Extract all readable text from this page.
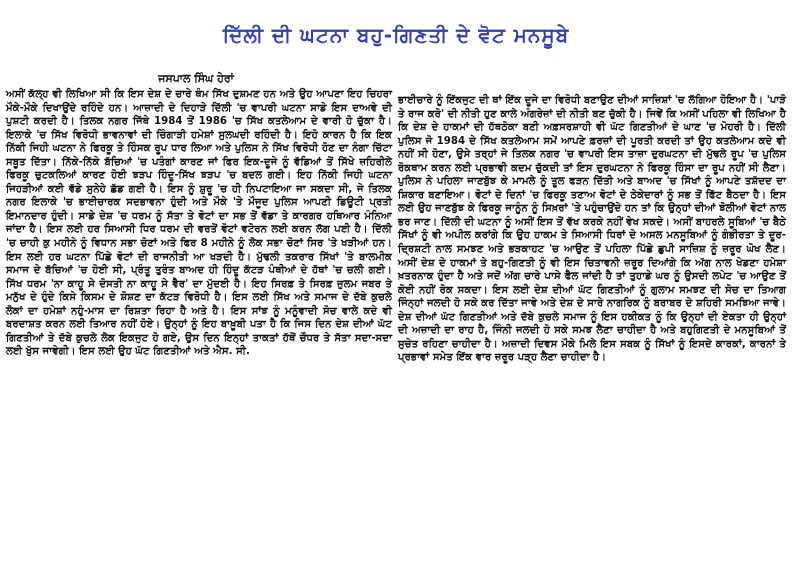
ਦਿੱਲੀ ਦੀ ਘਟਨਾ ਬਹੁ-ਗਿਣਤੀ ਦੇ ਵੋਟ ਮਨਸੂਬੇ
ਜਸਪਾਲ ਸਿੰਘ ਹੇਰਾਂ

ਅਸੀਂ ਕੱਲ੍ਹ ਵੀ ਲਿਖਿਆ ਸੀ ਕਿ ਇਸ ਦੇਸ਼ ਦੇ ਚਾਰੇ ਥੰਮ ਸਿੱਖ ਦੁਸ਼ਮਣ ਹਨ ਅਤੇ ਉਹ ਆਪਣਾ ਇਹ ਚਿਹਰਾ ਮੌਕੇ-ਮੌਕੇ ਦਿਖਾਉਂਦੇ ਰਹਿੰਦੇ ਹਨ। ਆਜ਼ਾਦੀ ਦੇ ਦਿਹਾੜੇ ਦਿੱਲੀ 'ਚ ਵਾਪਰੀ ਘਟਨਾ ਸਾਡੇ ਇਸ ਦਾਅਵੇ ਦੀ ਪੁਸ਼ਟੀ ਕਰਦੀ ਹੈ। ਤਿਲਕ ਨਗਰ ਜਿੱਥੇ 1984 ਤੋਂ 1986 'ਚ ਸਿੱਖ ਕਤਲੇਆਮ ਦੇ ਵਾਰੀ ਹੋ ਚੁੱਕਾ ਹੈ। ਇਲਾਕੇ 'ਚ ਸਿੱਖ ਵਿਰੋਧੀ ਭਾਵਨਾਵਾਂ ਦੀ ਚਿੰਗਾੜੀ ਹਮੇਸ਼ਾਂ ਸੁਲਘਦੀ ਰਹਿੰਦੀ ਹੈ। ਇਹੋ ਕਾਰਨ ਹੈ ਕਿ ਇਕ ਨਿੱਕੀ ਜਿਹੀ ਘਟਨਾ ਨੇ ਫਿਰਕੂ ਤੇ ਹਿੰਸਕ ਰੂਪ ਧਾਰ ਲਿਆ ਅਤੇ ਪੁਲਿਸ ਨੇ ਸਿੱਖ ਵਿਰੋਧੀ ਹੋਣ ਦਾ ਨੰਗਾ ਚਿੱਟਾ ਸਬੂਤ ਦਿੱਤਾ। ਨਿੱਕੇ-ਨਿੱਕੇ ਬੱਚਿਆਂ 'ਚ ਪਤੰਗਾਂ ਕਾਰਣ ਜਾਂ ਫਿਰ ਇਕ-ਦੂਜੇ ਨੂੰ ਵੱਡਿਆਂ ਤੋਂ ਸਿੱਖੇ ਜ਼ਹਿਰੀਲੇ ਫਿਰਕੂ ਚੁਟਕਲਿਆਂ ਕਾਰਣ ਹੋਈ ਝੜਪ ਹਿੰਦੂ-ਸਿੱਖ ਝੜਪ 'ਚ ਬਦਲ ਗਈ। ਇਹ ਨਿੱਕੀ ਜਿਹੀ ਘਟਨਾ ਜਿਹੜੀਆਂ ਕਈ ਵੱਡੇ ਸੁਨੇਹੇ ਛੱਡ ਗਈ ਹੈ। ਇਸ ਨੂੰ ਸ਼ੁਰੂ 'ਚ ਹੀ ਨਿਪਟਾਇਆ ਜਾ ਸਕਦਾ ਸੀ, ਜੇ ਤਿਲਕ ਨਗਰ ਇਲਾਕੇ 'ਚ ਭਾਈਚਾਰਕ ਸਦਭਾਵਨਾ ਹੁੰਦੀ ਅਤੇ ਮੌਕੇ 'ਤੇ ਮੌਜੂਦ ਪੁਲਿਸ ਆਪਣੀ ਡਿਊਟੀ ਪ੍ਰਤੀ ਇਮਾਨਦਾਰ ਹੁੰਦੀ। ਸਾਡੇ ਦੇਸ਼ 'ਚ ਧਰਮ ਨੂੰ ਸੱਤਾ ਤੇ ਵੋਟਾਂ ਦਾ ਸਭ ਤੋਂ ਵੱਡਾ ਤੇ ਕਾਰਗਰ ਹਥਿਆਰ ਮੰਨਿਆ ਜਾਂਦਾ ਹੈ। ਇਸ ਲਈ ਹਰ ਸਿਆਸੀ ਧਿਰ ਧਰਮ ਦੀ ਵਰਤੋਂ ਵੋਟਾਂ ਵਟੋਰਨ ਲਈ ਕਰਨ ਲੱਗ ਪਈ ਹੈ। ਦਿੱਲੀ 'ਚ ਚਾਹੀ ਕੁ ਮਹੀਨੇ ਨੂੰ ਵਿਧਾਨ ਸਭਾ ਚੋਣਾਂ ਅਤੇ ਫਿਰ 8 ਮਹੀਨੇ ਨੂੰ ਲੋਕ ਸਭਾ ਚੋਣਾਂ ਸਿਰ 'ਤੇ ਖੜੀਆਂ ਹਨ। ਇਸ ਲਈ ਹਰ ਘਟਨਾ ਪਿੱਛੇ ਵੋਟਾਂ ਦੀ ਰਾਜਨੀਤੀ ਆ ਖੜਦੀ ਹੈ। ਮੁੱਢਲੀ ਤਕਰਾਰ ਸਿੱਖਾਂ 'ਤੇ ਬਾਲਮੀਕ ਸਮਾਜ ਦੇ ਬੱਚਿਆਂ 'ਚ ਹੋਈ ਸੀ, ਪ੍ਰੰਤੂ ਤੁਰੰਤ ਬਾਅਦ ਹੀ ਹਿੰਦੂ ਕੱਟੜ ਪੰਥੀਆਂ ਦੇ ਹੱਥਾਂ 'ਚ ਚਲੀ ਗਈ। ਸਿੱਖ ਧਰਮ 'ਨਾ ਕਾਹੂ ਸੇ ਦੋਸਤੀ ਨਾ ਕਾਹੂ ਸੇ ਵੈਰ' ਦਾ ਮੁੱਦਈ ਹੈ। ਇਹ ਸਿਰਫ਼ ਤੇ ਸਿਰਫ਼ ਜ਼ੁਲਮ ਜਬਰ ਤੇ ਮਨੁੱਖ ਦੇ ਹੁੰਦੇ ਕਿਸੇ ਕਿਸਮ ਦੇ ਸ਼ੋਸ਼ਣ ਦਾ ਕੱਟੜ ਵਿਰੋਧੀ ਹੈ। ਇਸ ਲਈ ਸਿੱਖ ਅਤੇ ਸਮਾਜ ਦੇ ਦੱਬੇ ਕੁਚਲੇ ਲੋਕਾਂ ਦਾ ਹਮੇਸ਼ਾਂ ਨਹੁੰ-ਮਾਸ ਦਾ ਰਿਸ਼ਤਾ ਰਿਹਾ ਹੈ ਅਤੇ ਹੈ। ਇਸ ਸਾਂਝ ਨੂੰ ਮਨੂੰਵਾਦੀ ਸੋਚ ਵਾਲੇ ਕਦੇ ਵੀ ਬਰਦਾਸ਼ਤ ਕਰਨ ਲਈ ਤਿਆਰ ਨਹੀਂ ਹੋਏ। ਉਨ੍ਹਾਂ ਨੂੰ ਇਹ ਬਾਖ਼ੂਬੀ ਪਤਾ ਹੈ ਕਿ ਜਿਸ ਦਿਨ ਦੇਸ਼ ਦੀਆਂ ਘੱਟ ਗਿਣਤੀਆਂ ਤੇ ਦੱਬੇ ਕੁਚਲੇ ਲੋਕ ਇਕਜੁਟ ਹੋ ਗਏ, ਉਸ ਦਿਨ ਇਨ੍ਹਾਂ ਤਾਕਤਾਂ ਹੱਥੋਂ ਚੌਧਰ ਤੇ ਸੱਤਾ ਸਦਾ-ਸਦਾ ਲਈ ਖੁੱਸ ਜਾਵੇਗੀ। ਇਸ ਲਈ ਉਹ ਘੱਟ ਗਿਣਤੀਆਂ ਅਤੇ ਐਸ. ਸੀ.

ਭਾਈਚਾਰੇ ਨੂੰ ਇੱਕਜੁਟ ਦੀ ਥਾਂ ਇੱਕ ਦੂਜੇ ਦਾ ਵਿਰੋਧੀ ਬਣਾਉਣ ਦੀਆਂ ਸਾਜ਼ਿਸ਼ਾਂ 'ਚ ਲੱਗਿਆ ਹੋਇਆ ਹੈ। 'ਪਾੜੋ ਤੇ ਰਾਜ ਕਰੋ' ਦੀ ਨੀਤੀ ਹੁਣ ਕਾਲੇ ਅੰਗਰੇਜ਼ਾਂ ਦੀ ਨੀਤੀ ਬਣ ਚੁੱਕੀ ਹੈ। ਜਿਵੇਂ ਕਿ ਅਸੀਂ ਪਹਿਲਾ ਵੀ ਲਿਖਿਆ ਹੈ ਕਿ ਦੇਸ਼ ਦੇ ਹਾਕਮਾਂ ਦੀ ਹੱਥਠੋਕਾ ਬਣੀ ਅਫ਼ਸਰਸ਼ਾਹੀ ਵੀ ਘੱਟ ਗਿਣਤੀਆਂ ਦੇ ਘਾਣ 'ਚ ਮੋਹਰੀ ਹੈ। ਦਿੱਲੀ ਪੁਲਿਸ ਜੋ 1984 ਦੇ ਸਿੱਖ ਕਤਲੇਆਮ ਸਮੇਂ ਆਪਣੇ ਫ਼ਰਜ਼ਾਂ ਦੀ ਪੂਰਤੀ ਕਰਦੀ ਤਾਂ ਉਹ ਕਤਲੇਆਮ ਕਦੇ ਵੀ ਨਹੀਂ ਸੀ ਹੋਣਾ, ਉਸੇ ਤਰ੍ਹਾਂ ਜੇ ਤਿਲਕ ਨਗਰ 'ਚ ਵਾਪਰੀ ਇਸ ਤਾਜ਼ਾ ਦੁਰਘਟਨਾ ਦੀ ਮੁੱਢਲੇ ਰੂਪ 'ਚ ਪੁਲਿਸ ਰੋਕਥਾਮ ਕਰਨ ਲਈ ਪ੍ਰਭਾਵੀ ਕਦਮ ਚੁੱਕਦੀ ਤਾਂ ਇਸ ਦੁਰਘਟਨਾ ਨੇ ਫਿਰਕੂ ਹਿੰਸਾ ਦਾ ਰੂਪ ਨਹੀਂ ਸੀ ਲੈਣਾ। ਪੁਲਿਸ ਨੇ ਪਹਿਲਾ ਜਾਣਬੁੱਝ ਕੇ ਮਾਮਲੇ ਨੂੰ ਤੂਲ ਫੜਨ ਦਿੱਤੀ ਅਤੇ ਬਾਅਦ 'ਚ ਸਿੱਖਾਂ ਨੂੰ ਆਪਣੇ ਤਸ਼ੱਦਦ ਦਾ ਸ਼ਿਕਾਰ ਬਣਾਇਆ। ਵੋਟਾਂ ਦੇ ਦਿਨਾਂ 'ਚ ਫਿਰਕੂ ਤਣਾਅ ਵੋਟਾਂ ਦੇ ਠੇਕੇਦਾਰਾਂ ਨੂੰ ਸਭ ਤੋਂ ਫਿੱਟ ਬੈਠਦਾ ਹੈ। ਇਸ ਲਈ ਉਹ ਜਾਣਬੁੱਝ ਕੇ ਫਿਰਕੂ ਜਾਨੂੰਨ ਨੂੰ ਸਿਖ਼ਰਾਂ 'ਤੇ ਪਹੁੰਚਾਉਂਦੇ ਹਨ ਤਾਂ ਕਿ ਉਨ੍ਹਾਂ ਦੀਆਂ ਝੋਲੀਆਂ ਵੋਟਾਂ ਨਾਲ ਭਰ ਜਾਣ। ਦਿੱਲੀ ਦੀ ਘਟਨਾ ਨੂੰ ਅਸੀਂ ਇਸ ਤੋਂ ਵੱਖ ਕਰਕੇ ਨਹੀਂ ਵੇਖ ਸਕਦੇ। ਅਸੀਂ ਬਾਹਰਲੇ ਸੂਬਿਆਂ 'ਚ ਬੈਠੇ ਸਿੱਖਾਂ ਨੂੰ ਵੀ ਅਪੀਲ ਕਰਾਂਗੇ ਕਿ ਉਹ ਹਾਕਮ ਤੇ ਸਿਆਸੀ ਧਿਰਾਂ ਦੇ ਅਸਲ ਮਨਸੂਬਿਆਂ ਨੂੰ ਗੰਭੀਰਤਾ ਤੇ ਦੂਰ-ਦ੍ਰਿਸ਼ਟੀ ਨਾਲ ਸਮਝਣ ਅਤੇ ਭੜਕਾਹਟ 'ਚ ਆਉਣ ਤੋਂ ਪਹਿਲਾ ਪਿੱਛੇ ਛੁਪੀ ਸਾਜ਼ਿਸ਼ ਨੂੰ ਜ਼ਰੂਰ ਘੋਖ ਲੈਣ। ਅਸੀਂ ਦੇਸ਼ ਦੇ ਹਾਕਮਾਂ ਤੇ ਬਹੁ-ਗਿਣਤੀ ਨੂੰ ਵੀ ਇਸ ਚਿਤਾਵਨੀ ਜ਼ਰੂਰ ਦਿਆਂਗੇ ਕਿ ਅੱਗ ਨਾਲ ਖੇਡਣਾ ਹਮੇਸ਼ਾ ਖ਼ਤਰਨਾਕ ਹੁੰਦਾ ਹੈ ਅਤੇ ਜਦੋਂ ਅੱਗ ਚਾਰੇ ਪਾਸੇ ਫੈਲ ਜਾਂਦੀ ਹੈ ਤਾਂ ਤੁਹਾਡੇ ਘਰ ਨੂੰ ਉਸਦੀ ਲਪੇਟ 'ਚ ਆਉਣ ਤੋਂ ਕੋਈ ਨਹੀਂ ਰੋਕ ਸਕਦਾ। ਇਸ ਲਈ ਦੇਸ਼ ਦੀਆਂ ਘੱਟ ਗਿਣਤੀਆਂ ਨੂੰ ਗੁਲਾਮ ਸਮਝਣ ਦੀ ਸੋਚ ਦਾ ਤਿਆਗ ਜਿੰਨ੍ਹਾਂ ਜਲਦੀ ਹੋ ਸਕੇ ਕਰ ਦਿੱਤਾ ਜਾਵੇ ਅਤੇ ਦੇਸ਼ ਦੇ ਸਾਰੇ ਨਾਗਰਿਕ ਨੂੰ ਬਰਾਬਰ ਦੇ ਸ਼ਹਿਰੀ ਸਮਝਿਆ ਜਾਵੇ। ਦੇਸ਼ ਦੀਆਂ ਘੱਟ ਗਿਣਤੀਆਂ ਅਤੇ ਦੱਬੇ ਕੁਚਲੇ ਸਮਾਜ ਨੂੰ ਇਸ ਹਕੀਕਤ ਨੂੰ ਕਿ ਉਨ੍ਹਾਂ ਦੀ ਏਕਤਾ ਹੀ ਉਨ੍ਹਾਂ ਦੀ ਅਜ਼ਾਦੀ ਦਾ ਰਾਹ ਹੈ, ਜਿੰਨੀ ਜਲਦੀ ਹੋ ਸਕੇ ਸਮਝ ਲੈਣਾ ਚਾਹੀਦਾ ਹੈ ਅਤੇ ਬਹੁਗਿਣਤੀ ਦੇ ਮਨਸੂਬਿਆਂ ਤੋਂ ਸੁਚੇਤ ਰਹਿਣਾ ਚਾਹੀਦਾ ਹੈ। ਅਜ਼ਾਦੀ ਦਿਵਸ ਮੌਕੇ ਮਿਲੇ ਇਸ ਸਬਕ ਨੂੰ ਸਿੱਖਾਂ ਨੂੰ ਇਸਦੇ ਕਾਰਕਾਂ, ਕਾਰਨਾਂ ਤੇ ਪ੍ਰਭਾਵਾਂ ਸਮੇਤ ਇੱਕ ਵਾਰ ਜ਼ਰੂਰ ਪੜ੍ਹ ਲੈਣਾ ਚਾਹੀਦਾ ਹੈ।
